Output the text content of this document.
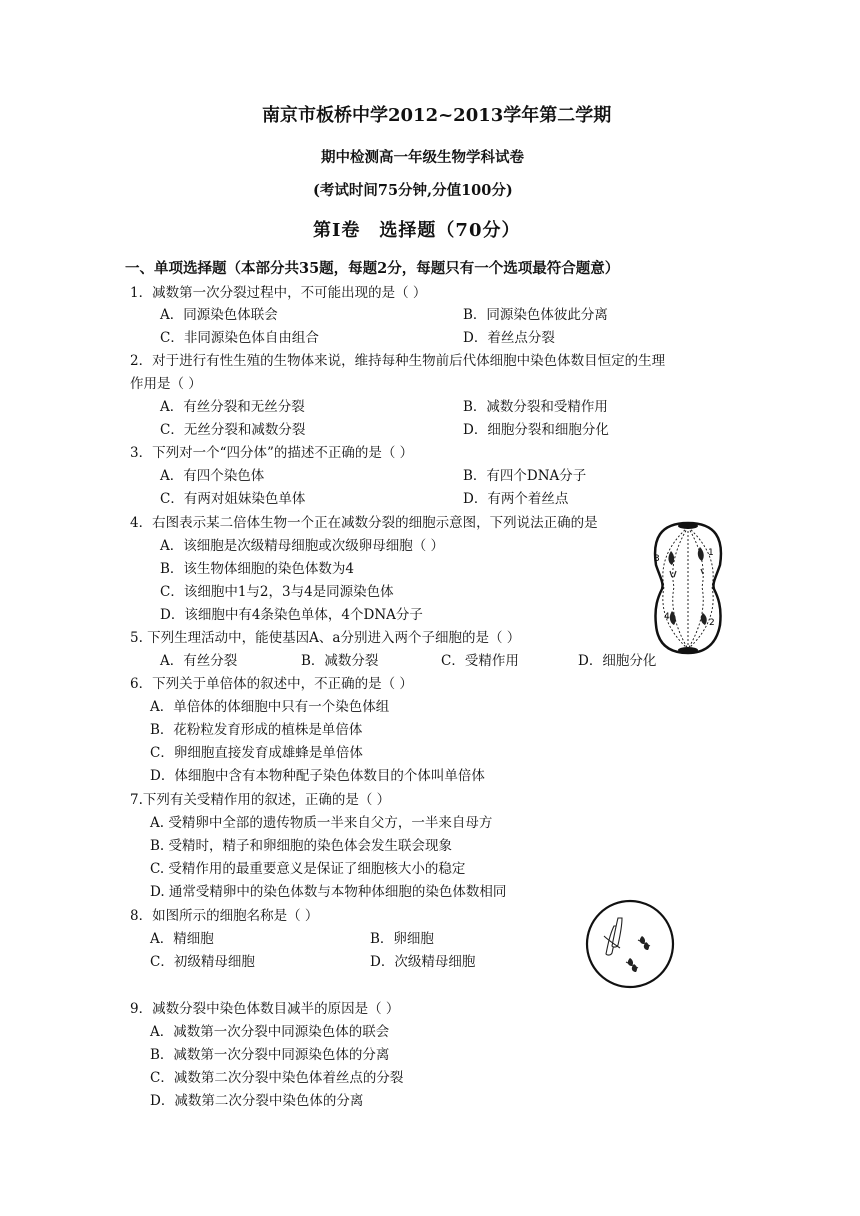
南京市板桥中学2012~2013学年第二学期
期中检测高一年级生物学科试卷
(考试时间75分钟,分值100分)
第Ⅰ卷　选择题（70分）
一、单项选择题（本部分共35题，每题2分，每题只有一个选项最符合题意）
1．减数第一次分裂过程中，不可能出现的是（ ）
A．同源染色体联会	B．同源染色体彼此分离
C．非同源染色体自由组合	D．着丝点分裂
2．对于进行有性生殖的生物体来说，维持每种生物前后代体细胞中染色体数目恒定的生理
作用是（ ）
A．有丝分裂和无丝分裂	B．减数分裂和受精作用
C．无丝分裂和减数分裂	D．细胞分裂和细胞分化
3．下列对一个“四分体”的描述不正确的是（ ）
A．有四个染色体	B．有四个DNA分子
C．有两对姐妹染色单体	D．有两个着丝点
4．右图表示某二倍体生物一个正在减数分裂的细胞示意图，下列说法正确的是
A．该细胞是次级精母细胞或次级卵母细胞（ ）
B．该生物体细胞的染色体数为4
C．该细胞中1与2，3与4是同源染色体
D．该细胞中有4条染色单体，4个DNA分子
3
1
4
2
5. 下列生理活动中，能使基因A、a分别进入两个子细胞的是（ ）
A．有丝分裂	B．减数分裂	C．受精作用	D．细胞分化
6．下列关于单倍体的叙述中，不正确的是（ ）
A．单倍体的体细胞中只有一个染色体组
B．花粉粒发育形成的植株是单倍体
C．卵细胞直接发育成雄蜂是单倍体
D．体细胞中含有本物种配子染色体数目的个体叫单倍体
7.下列有关受精作用的叙述，正确的是（ ）
A. 受精卵中全部的遗传物质一半来自父方，一半来自母方
B. 受精时，精子和卵细胞的染色体会发生联会现象
C. 受精作用的最重要意义是保证了细胞核大小的稳定
D. 通常受精卵中的染色体数与本物种体细胞的染色体数相同
8．如图所示的细胞名称是（ ）
A．精细胞	B．卵细胞
C．初级精母细胞	D．次级精母细胞
9．减数分裂中染色体数目减半的原因是（ ）
A．减数第一次分裂中同源染色体的联会
B．减数第一次分裂中同源染色体的分离
C．减数第二次分裂中染色体着丝点的分裂
D．减数第二次分裂中染色体的分离
